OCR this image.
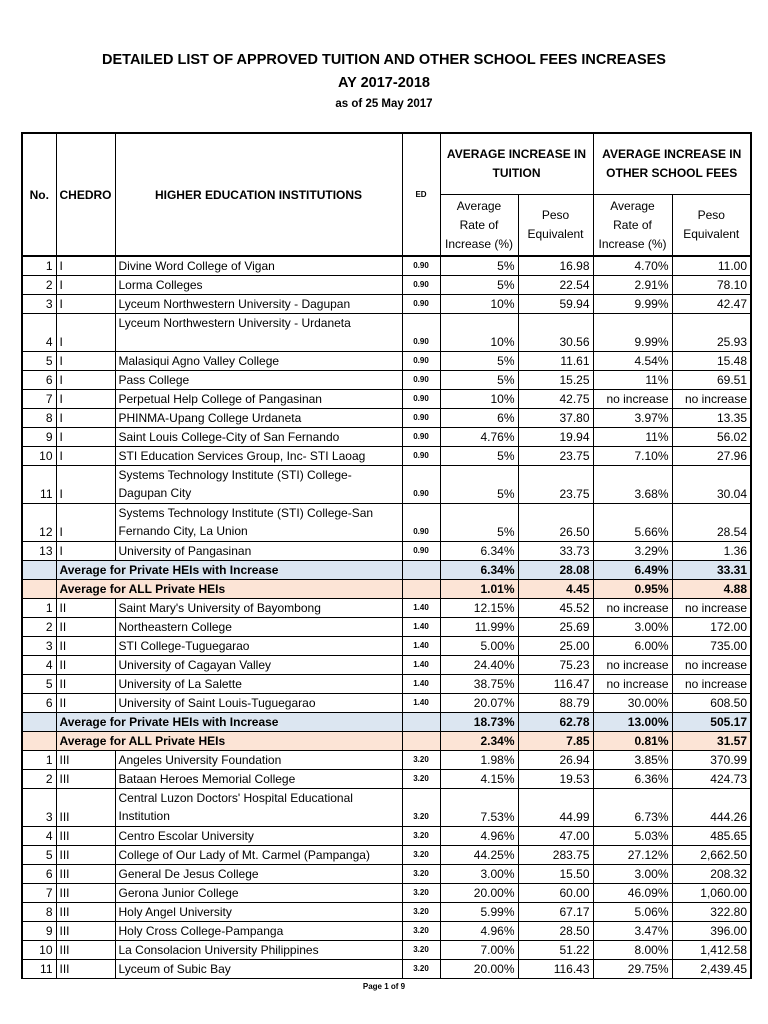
DETAILED LIST OF APPROVED TUITION AND OTHER SCHOOL FEES INCREASES
AY 2017-2018
as of 25 May 2017
No.	CHEDRO	HIGHER EDUCATION INSTITUTIONS	ED	AVERAGE INCREASE IN TUITION		AVERAGE INCREASE IN OTHER SCHOOL FEES	
				Average Rate of Increase (%)	Peso Equivalent	Average Rate of Increase (%)	Peso Equivalent
1	I	Divine Word College of Vigan	0.90	5%	16.98	4.70%	11.00
2	I	Lorma Colleges	0.90	5%	22.54	2.91%	78.10
3	I	Lyceum Northwestern University - Dagupan	0.90	10%	59.94	9.99%	42.47
4	I	Lyceum Northwestern University - Urdaneta	0.90	10%	30.56	9.99%	25.93
5	I	Malasiqui Agno Valley College	0.90	5%	11.61	4.54%	15.48
6	I	Pass College	0.90	5%	15.25	11%	69.51
7	I	Perpetual Help College of Pangasinan	0.90	10%	42.75	no increase	no increase
8	I	PHINMA-Upang College Urdaneta	0.90	6%	37.80	3.97%	13.35
9	I	Saint Louis College-City of San Fernando	0.90	4.76%	19.94	11%	56.02
10	I	STI Education Services Group, Inc- STI Laoag	0.90	5%	23.75	7.10%	27.96
11	I	Systems Technology Institute (STI) College-Dagupan City	0.90	5%	23.75	3.68%	30.04
12	I	Systems Technology Institute (STI) College-San Fernando City, La Union	0.90	5%	26.50	5.66%	28.54
13	I	University of Pangasinan	0.90	6.34%	33.73	3.29%	1.36
	Average for Private HEIs with Increase			6.34%	28.08	6.49%	33.31
	Average for ALL Private HEIs			1.01%	4.45	0.95%	4.88
1	II	Saint Mary's University of Bayombong	1.40	12.15%	45.52	no increase	no increase
2	II	Northeastern College	1.40	11.99%	25.69	3.00%	172.00
3	II	STI College-Tuguegarao	1.40	5.00%	25.00	6.00%	735.00
4	II	University of Cagayan Valley	1.40	24.40%	75.23	no increase	no increase
5	II	University of La Salette	1.40	38.75%	116.47	no increase	no increase
6	II	University of Saint Louis-Tuguegarao	1.40	20.07%	88.79	30.00%	608.50
	Average for Private HEIs with Increase			18.73%	62.78	13.00%	505.17
	Average for ALL Private HEIs			2.34%	7.85	0.81%	31.57
1	III	Angeles University Foundation	3.20	1.98%	26.94	3.85%	370.99
2	III	Bataan Heroes Memorial College	3.20	4.15%	19.53	6.36%	424.73
3	III	Central Luzon Doctors' Hospital Educational Institution	3.20	7.53%	44.99	6.73%	444.26
4	III	Centro Escolar University	3.20	4.96%	47.00	5.03%	485.65
5	III	College of Our Lady of Mt. Carmel (Pampanga)	3.20	44.25%	283.75	27.12%	2,662.50
6	III	General De Jesus College	3.20	3.00%	15.50	3.00%	208.32
7	III	Gerona Junior College	3.20	20.00%	60.00	46.09%	1,060.00
8	III	Holy Angel University	3.20	5.99%	67.17	5.06%	322.80
9	III	Holy Cross College-Pampanga	3.20	4.96%	28.50	3.47%	396.00
10	III	La Consolacion University Philippines	3.20	7.00%	51.22	8.00%	1,412.58
11	III	Lyceum of Subic Bay	3.20	20.00%	116.43	29.75%	2,439.45
Page 1 of 9
